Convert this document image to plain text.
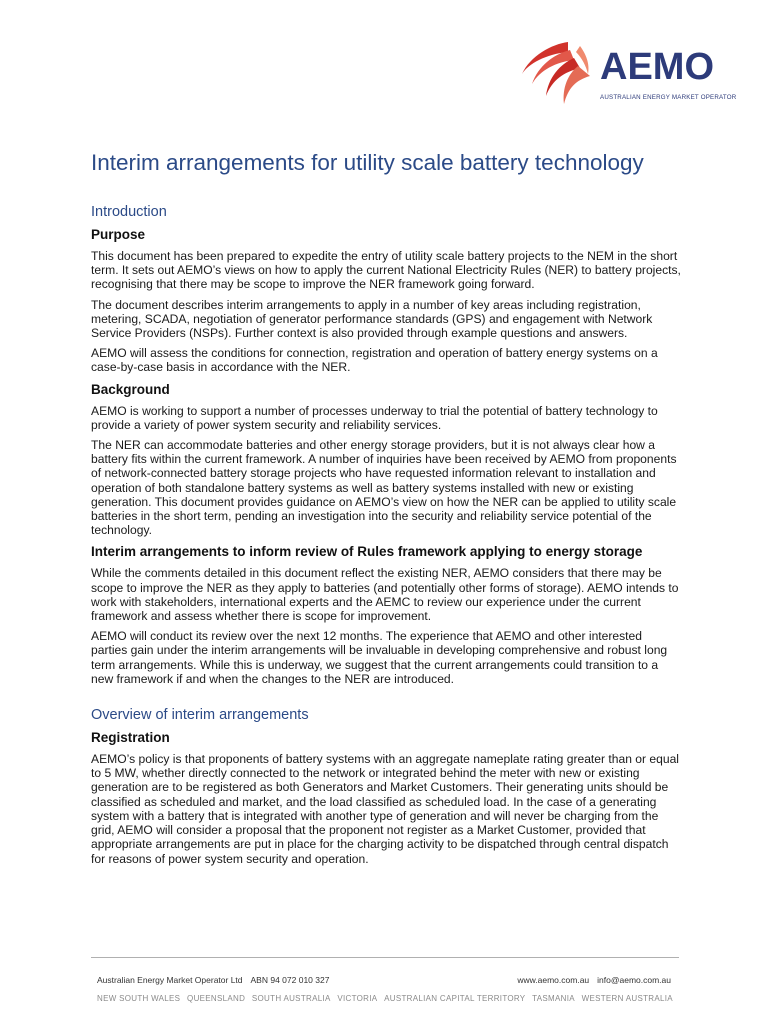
AEMO
AUSTRALIAN ENERGY MARKET OPERATOR
Interim arrangements for utility scale battery technology
Introduction
Purpose

This document has been prepared to expedite the entry of utility scale battery projects to the NEM in the short term. It sets out AEMO’s views on how to apply the current National Electricity Rules (NER) to battery projects, recognising that there may be scope to improve the NER framework going forward.

The document describes interim arrangements to apply in a number of key areas including registration, metering, SCADA, negotiation of generator performance standards (GPS) and engagement with Network Service Providers (NSPs). Further context is also provided through example questions and answers.

AEMO will assess the conditions for connection, registration and operation of battery energy systems on a case-by-case basis in accordance with the NER.

Background

AEMO is working to support a number of processes underway to trial the potential of battery technology to provide a variety of power system security and reliability services.

The NER can accommodate batteries and other energy storage providers, but it is not always clear how a battery fits within the current framework. A number of inquiries have been received by AEMO from proponents of network-connected battery storage projects who have requested information relevant to installation and operation of both standalone battery systems as well as battery systems installed with new or existing generation. This document provides guidance on AEMO’s view on how the NER can be applied to utility scale batteries in the short term, pending an investigation into the security and reliability service potential of the technology.

Interim arrangements to inform review of Rules framework applying to energy storage

While the comments detailed in this document reflect the existing NER, AEMO considers that there may be scope to improve the NER as they apply to batteries (and potentially other forms of storage). AEMO intends to work with stakeholders, international experts and the AEMC to review our experience under the current framework and assess whether there is scope for improvement.

AEMO will conduct its review over the next 12 months. The experience that AEMO and other interested parties gain under the interim arrangements will be invaluable in developing comprehensive and robust long term arrangements. While this is underway, we suggest that the current arrangements could transition to a new framework if and when the changes to the NER are introduced.

Overview of interim arrangements
Registration

AEMO’s policy is that proponents of battery systems with an aggregate nameplate rating greater than or equal to 5 MW, whether directly connected to the network or integrated behind the meter with new or existing generation are to be registered as both Generators and Market Customers. Their generating units should be classified as scheduled and market, and the load classified as scheduled load. In the case of a generating system with a battery that is integrated with another type of generation and will never be charging from the grid, AEMO will consider a proposal that the proponent not register as a Market Customer, provided that appropriate arrangements are put in place for the charging activity to be dispatched through central dispatch for reasons of power system security and operation.

Australian Energy Market Operator Ltd ABN 94 072 010 327	www.aemo.com.au info@aemo.com.au
NEW SOUTH WALES QUEENSLAND SOUTH AUSTRALIA VICTORIA AUSTRALIAN CAPITAL TERRITORY TASMANIA WESTERN AUSTRALIA
